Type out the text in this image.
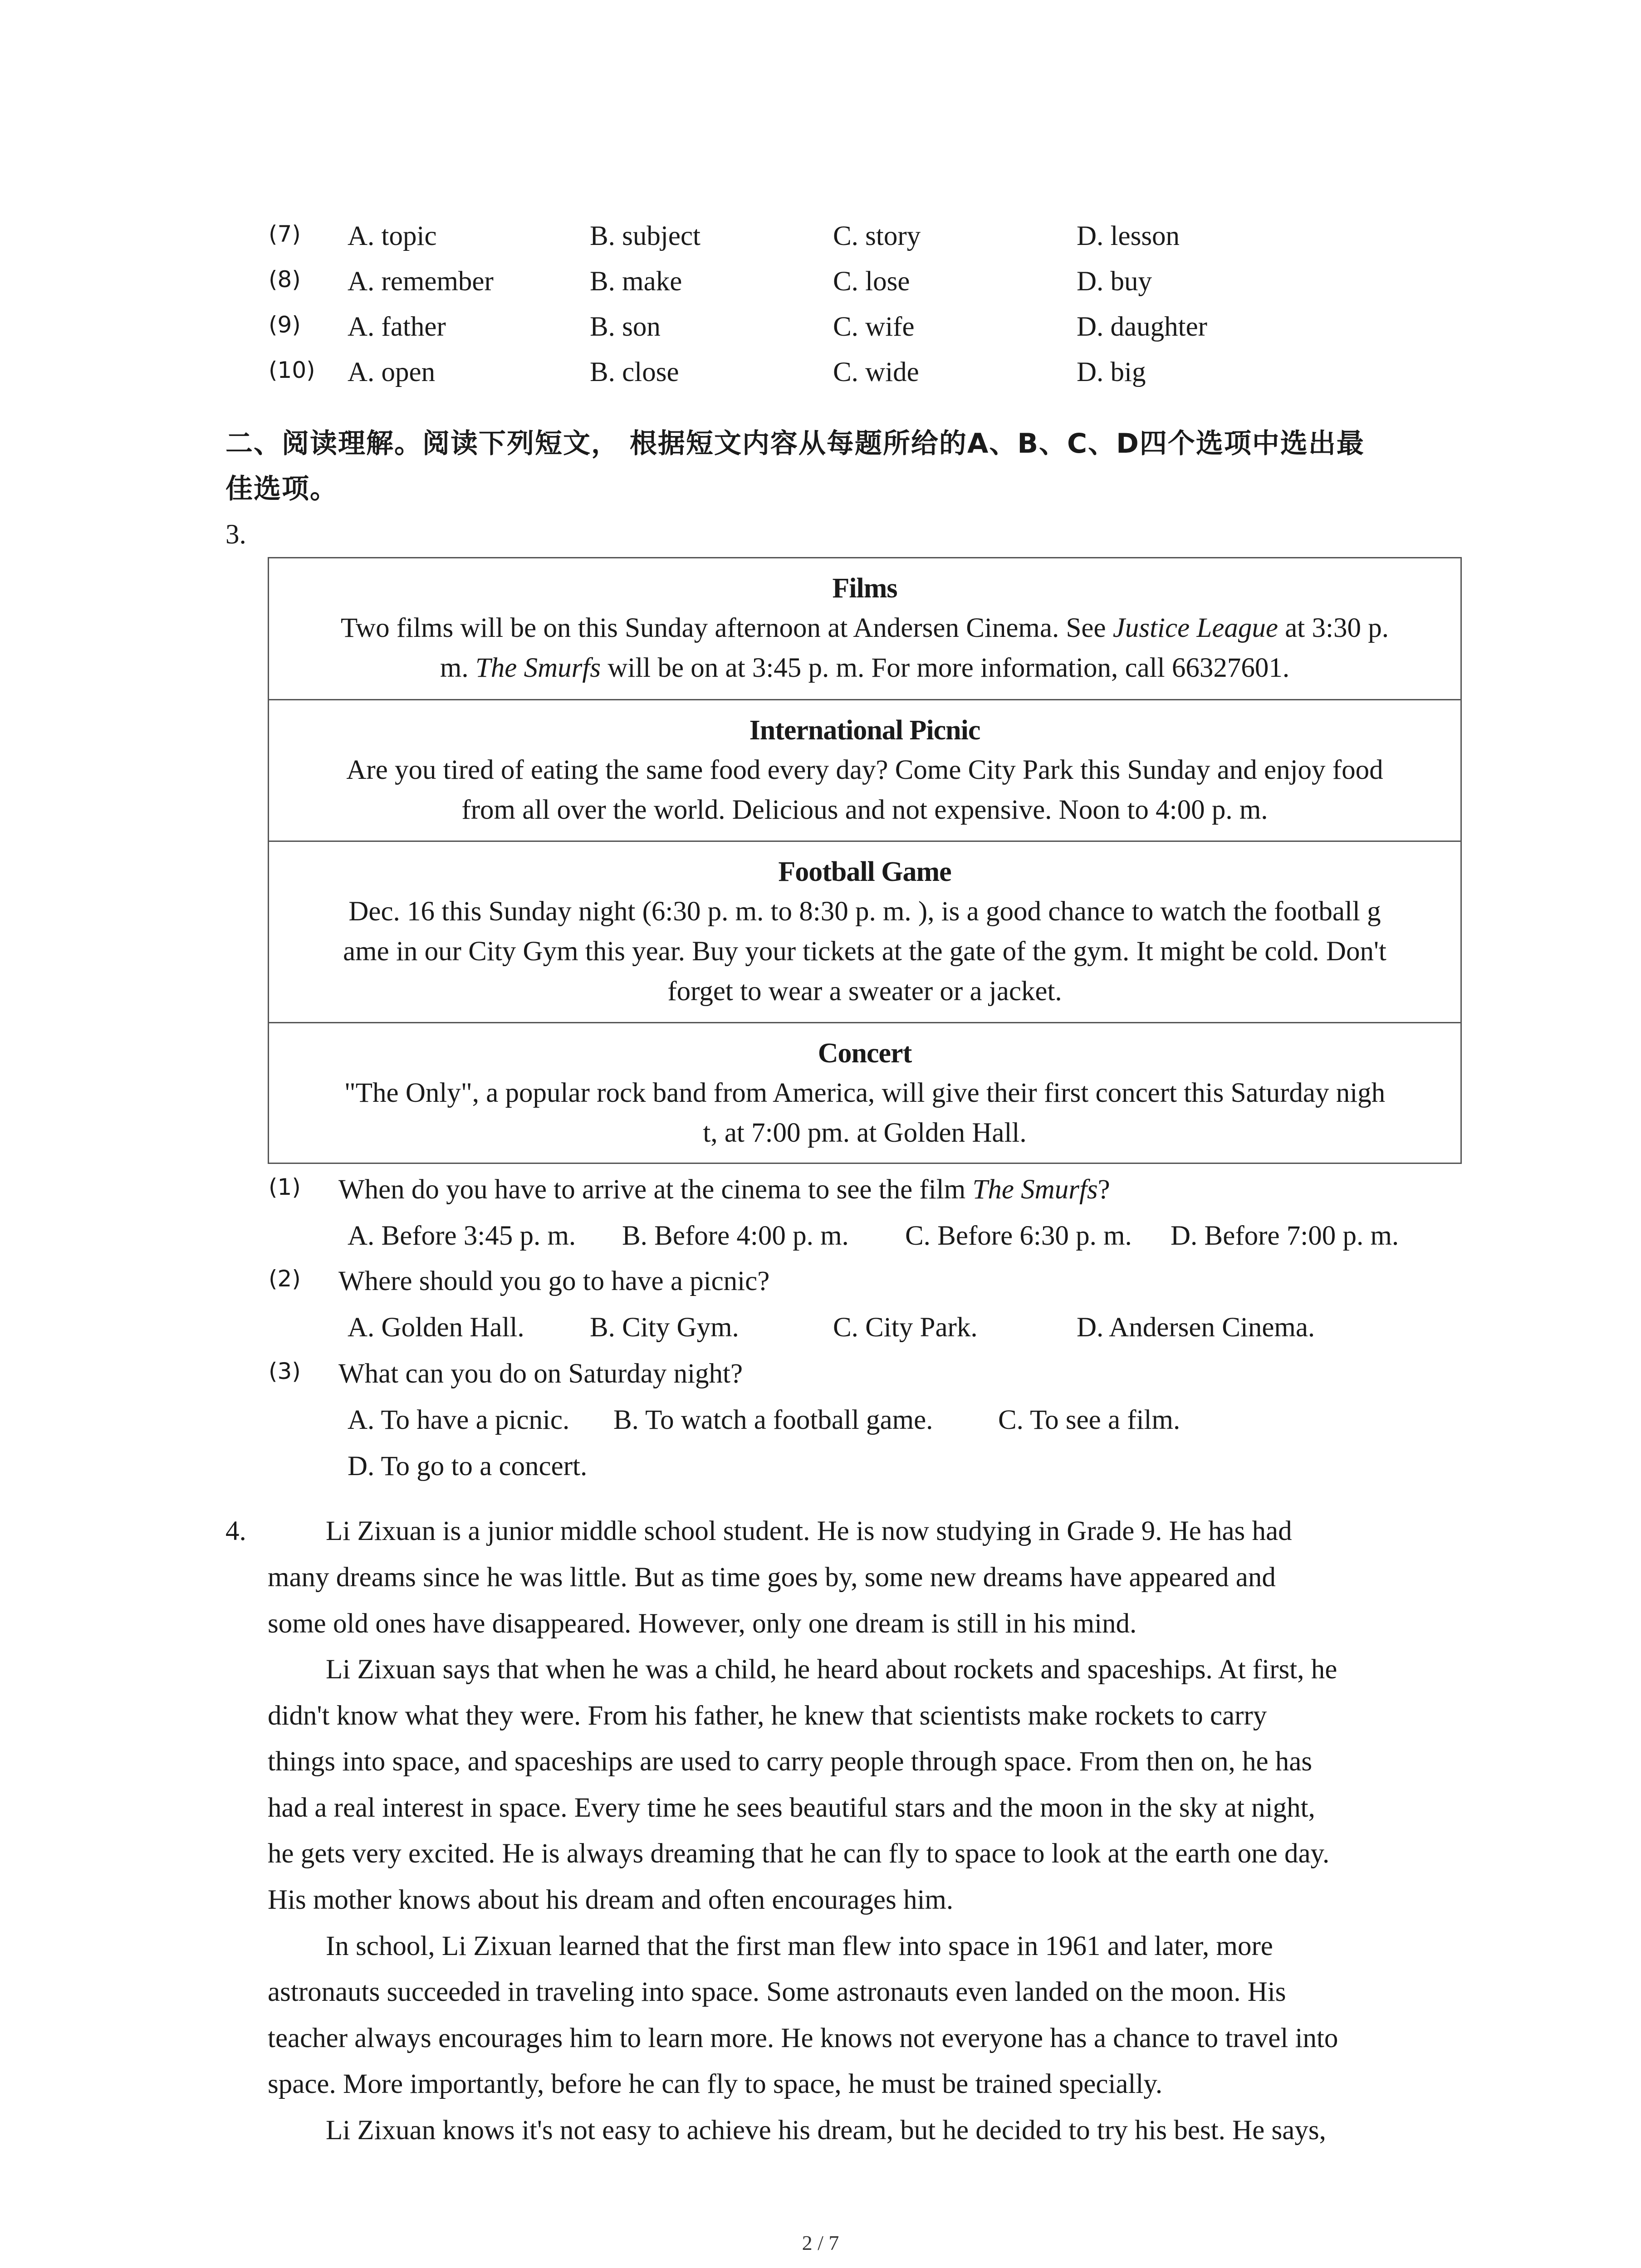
(7) A. topic	B. subject	C. story	D. lesson
(8) A. remember	B. make	C. lose	D. buy
(9) A. father	B. son	C. wife	D. daughter
(10) A. open	B. close	C. wide	D. big
二、阅读理解。阅读下列短文， 根据短文内容从每题所给的A、B、C、D四个选项中选出最
佳选项。
3.
Films
Two films will be on this Sunday afternoon at Andersen Cinema. See Justice League at 3:30 p.
m. The Smurfs will be on at 3:45 p. m. For more information, call 66327601.
International Picnic
Are you tired of eating the same food every day? Come City Park this Sunday and enjoy food
from all over the world. Delicious and not expensive. Noon to 4:00 p. m.
Football Game
Dec. 16 this Sunday night (6:30 p. m. to 8:30 p. m. ), is a good chance to watch the football g
ame in our City Gym this year. Buy your tickets at the gate of the gym. It might be cold. Don't
forget to wear a sweater or a jacket.
Concert
"The Only", a popular rock band from America, will give their first concert this Saturday nigh
t, at 7:00 pm. at Golden Hall.
(1) When do you have to arrive at the cinema to see the film The Smurfs?
A. Before 3:45 p. m. B. Before 4:00 p. m. C. Before 6:30 p. m. D. Before 7:00 p. m.
(2) Where should you go to have a picnic?
A. Golden Hall. B. City Gym.	C. City Park.	D. Andersen Cinema.
(3) What can you do on Saturday night?
A. To have a picnic. B. To watch a football game. C. To see a film.
D. To go to a concert.
4.	Li Zixuan is a junior middle school student. He is now studying in Grade 9. He has had
many dreams since he was little. But as time goes by, some new dreams have appeared and
some old ones have disappeared. However, only one dream is still in his mind.
Li Zixuan says that when he was a child, he heard about rockets and spaceships. At first, he
didn't know what they were. From his father, he knew that scientists make rockets to carry
things into space, and spaceships are used to carry people through space. From then on, he has
had a real interest in space. Every time he sees beautiful stars and the moon in the sky at night,
he gets very excited. He is always dreaming that he can fly to space to look at the earth one day.
His mother knows about his dream and often encourages him.
In school, Li Zixuan learned that the first man flew into space in 1961 and later, more
astronauts succeeded in traveling into space. Some astronauts even landed on the moon. His
teacher always encourages him to learn more. He knows not everyone has a chance to travel into
space. More importantly, before he can fly to space, he must be trained specially.
Li Zixuan knows it's not easy to achieve his dream, but he decided to try his best. He says,
2 / 7
